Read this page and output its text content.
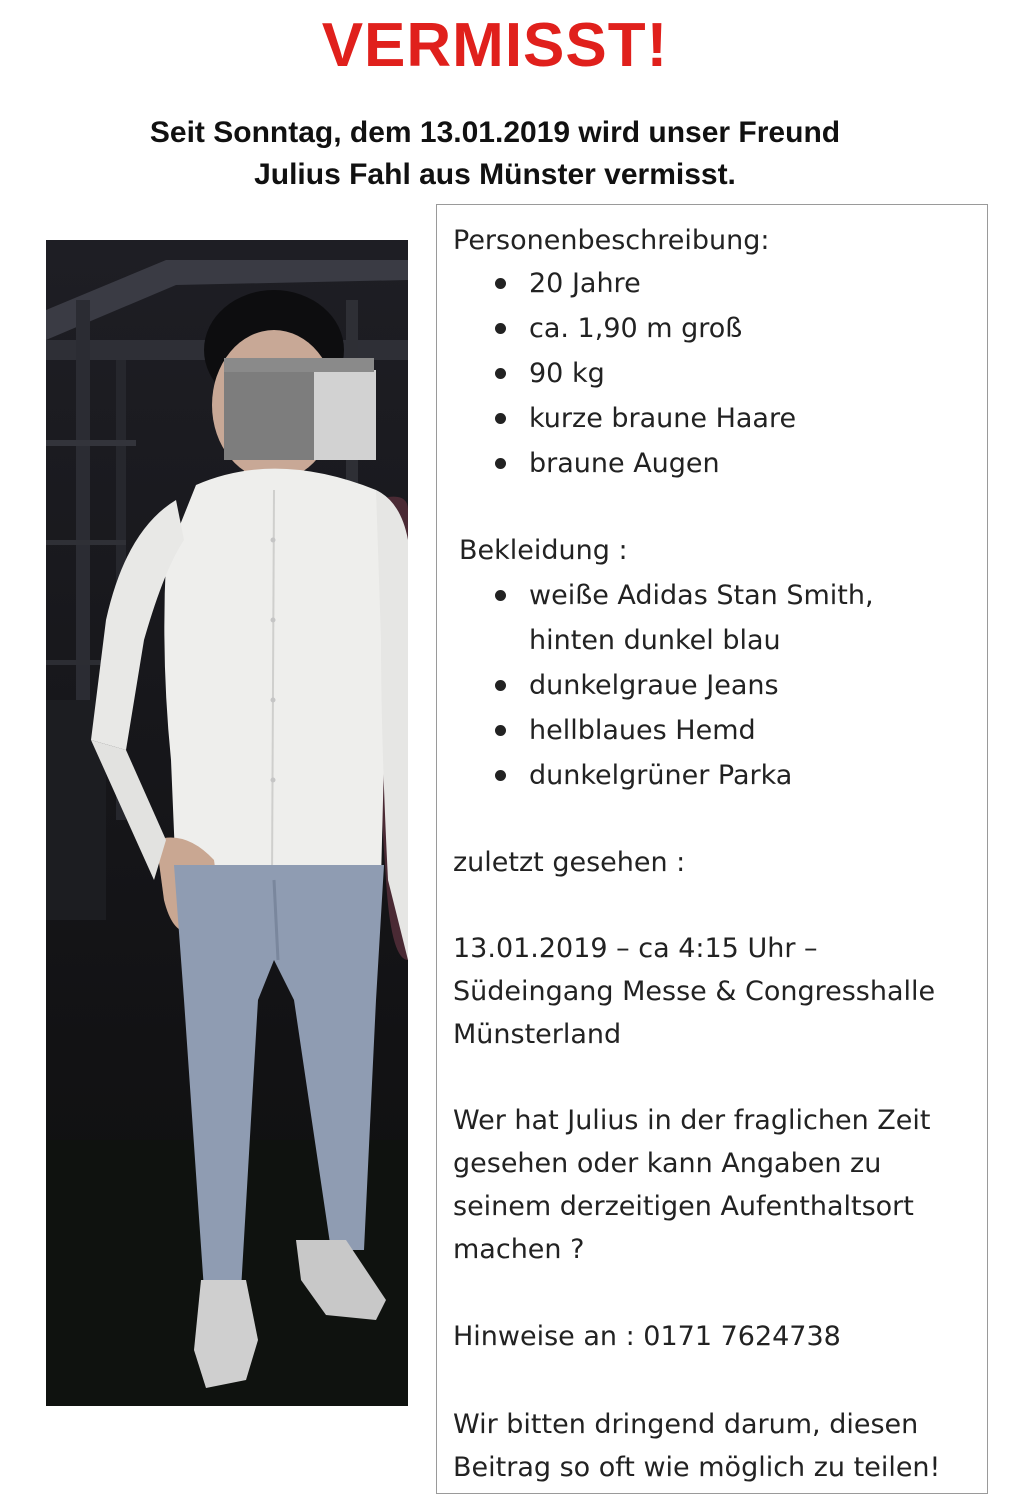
VERMISST!
Seit Sonntag, dem 13.01.2019 wird unser Freund
Julius Fahl aus Münster vermisst.
Personenbeschreibung:
20 Jahre
ca. 1,90 m groß
90 kg
kurze braune Haare
braune Augen
Bekleidung :
weiße Adidas Stan Smith,
hinten dunkel blau
dunkelgraue Jeans
hellblaues Hemd
dunkelgrüner Parka
zuletzt gesehen :
13.01.2019 – ca 4:15 Uhr –
Südeingang Messe & Congresshalle
Münsterland
Wer hat Julius in der fraglichen Zeit
gesehen oder kann Angaben zu
seinem derzeitigen Aufenthaltsort
machen ?
Hinweise an : 0171 7624738
Wir bitten dringend darum, diesen
Beitrag so oft wie möglich zu teilen!
